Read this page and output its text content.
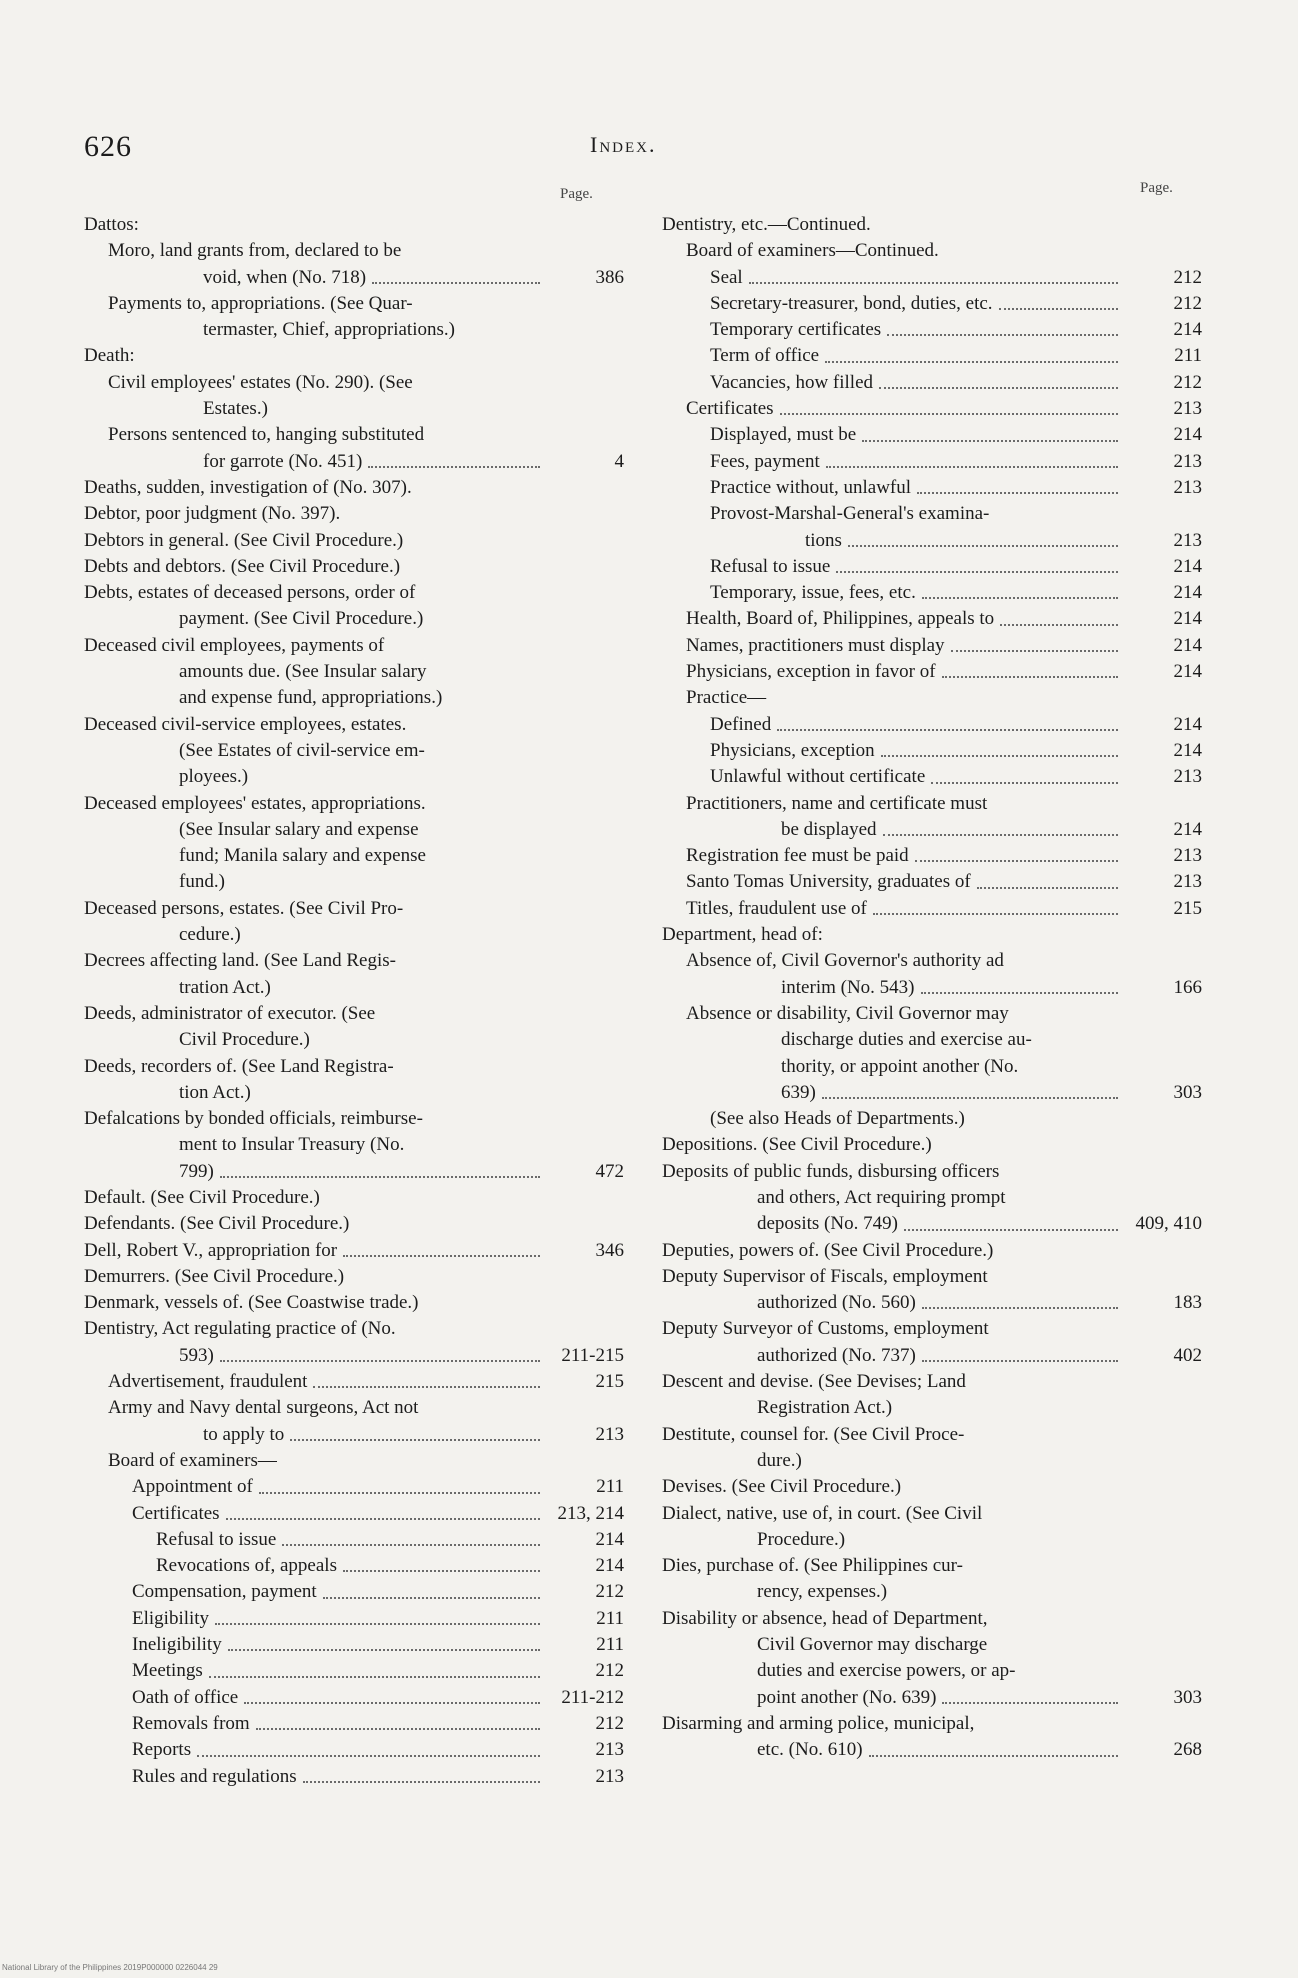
626	Index.
Page.	Page.
Dattos:
Moro, land grants from, declared to be
void, when (No. 718)	386
Payments to, appropriations. (See Quar-
termaster, Chief, appropriations.)
Death:
Civil employees' estates (No. 290). (See
Estates.)
Persons sentenced to, hanging substituted
for garrote (No. 451)	4
Deaths, sudden, investigation of (No. 307).
Debtor, poor judgment (No. 397).
Debtors in general. (See Civil Procedure.)
Debts and debtors. (See Civil Procedure.)
Debts, estates of deceased persons, order of
payment. (See Civil Procedure.)
Deceased civil employees, payments of
amounts due. (See Insular salary
and expense fund, appropriations.)
Deceased civil-service employees, estates.
(See Estates of civil-service em-
ployees.)
Deceased employees' estates, appropriations.
(See Insular salary and expense
fund; Manila salary and expense
fund.)
Deceased persons, estates. (See Civil Pro-
cedure.)
Decrees affecting land. (See Land Regis-
tration Act.)
Deeds, administrator of executor. (See
Civil Procedure.)
Deeds, recorders of. (See Land Registra-
tion Act.)
Defalcations by bonded officials, reimburse-
ment to Insular Treasury (No.
799)	472
Default. (See Civil Procedure.)
Defendants. (See Civil Procedure.)
Dell, Robert V., appropriation for	346
Demurrers. (See Civil Procedure.)
Denmark, vessels of. (See Coastwise trade.)
Dentistry, Act regulating practice of (No.
593)	211-215
Advertisement, fraudulent	215
Army and Navy dental surgeons, Act not
to apply to	213
Board of examiners—
Appointment of	211
Certificates	213, 214
Refusal to issue	214
Revocations of, appeals	214
Compensation, payment	212
Eligibility	211
Ineligibility	211
Meetings	212
Oath of office	211-212
Removals from	212
Reports	213
Rules and regulations	213
Dentistry, etc.—Continued.
Board of examiners—Continued.
Seal	212
Secretary-treasurer, bond, duties, etc.	212
Temporary certificates	214
Term of office	211
Vacancies, how filled	212
Certificates	213
Displayed, must be	214
Fees, payment	213
Practice without, unlawful	213
Provost-Marshal-General's examina-
tions	213
Refusal to issue	214
Temporary, issue, fees, etc.	214
Health, Board of, Philippines, appeals to	214
Names, practitioners must display	214
Physicians, exception in favor of	214
Practice—
Defined	214
Physicians, exception	214
Unlawful without certificate	213
Practitioners, name and certificate must
be displayed	214
Registration fee must be paid	213
Santo Tomas University, graduates of	213
Titles, fraudulent use of	215
Department, head of:
Absence of, Civil Governor's authority ad
interim (No. 543)	166
Absence or disability, Civil Governor may
discharge duties and exercise au-
thority, or appoint another (No.
639)	303
(See also Heads of Departments.)
Depositions. (See Civil Procedure.)
Deposits of public funds, disbursing officers
and others, Act requiring prompt
deposits (No. 749)	409, 410
Deputies, powers of. (See Civil Procedure.)
Deputy Supervisor of Fiscals, employment
authorized (No. 560)	183
Deputy Surveyor of Customs, employment
authorized (No. 737)	402
Descent and devise. (See Devises; Land
Registration Act.)
Destitute, counsel for. (See Civil Proce-
dure.)
Devises. (See Civil Procedure.)
Dialect, native, use of, in court. (See Civil
Procedure.)
Dies, purchase of. (See Philippines cur-
rency, expenses.)
Disability or absence, head of Department,
Civil Governor may discharge
duties and exercise powers, or ap-
point another (No. 639)	303
Disarming and arming police, municipal,
etc. (No. 610)	268
National Library of the Philippines 2019P000000 0226044 29
